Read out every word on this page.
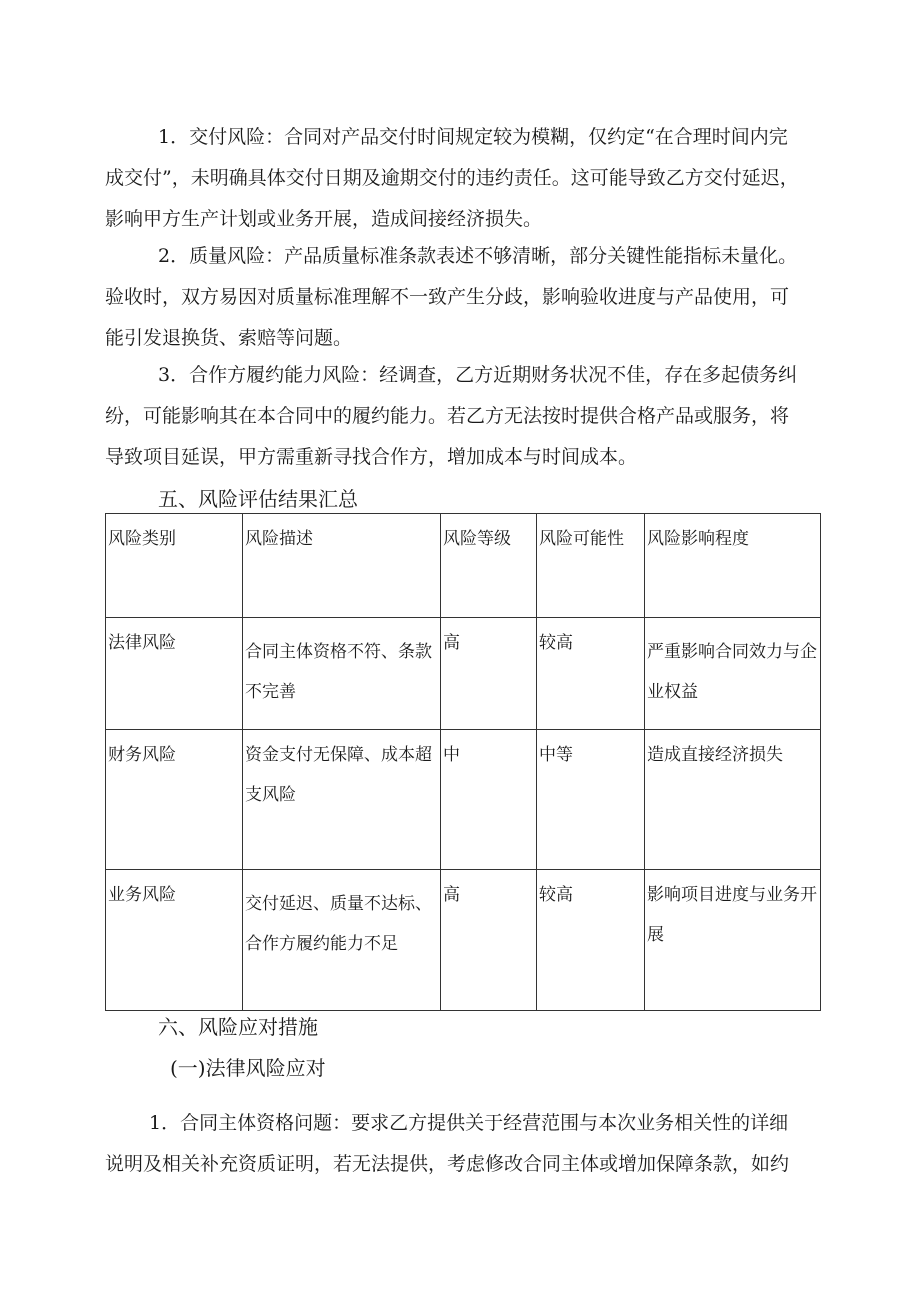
1．交付风险：合同对产品交付时间规定较为模糊，仅约定“在合理时间内完
成交付”，未明确具体交付日期及逾期交付的违约责任。这可能导致乙方交付延迟，
影响甲方生产计划或业务开展，造成间接经济损失。
2．质量风险：产品质量标准条款表述不够清晰，部分关键性能指标未量化。
验收时，双方易因对质量标准理解不一致产生分歧，影响验收进度与产品使用，可
能引发退换货、索赔等问题。
3．合作方履约能力风险：经调查，乙方近期财务状况不佳，存在多起债务纠
纷，可能影响其在本合同中的履约能力。若乙方无法按时提供合格产品或服务，将
导致项目延误，甲方需重新寻找合作方，增加成本与时间成本。
五、风险评估结果汇总
风险类别	风险描述	风险等级	风险可能性	风险影响程度

法律风险	合同主体资格不符、条款不完善	高	较高	严重影响合同效力与企业权益

财务风险	资金支付无保障、成本超支风险	中	中等	造成直接经济损失

业务风险	交付延迟、质量不达标、合作方履约能力不足	高	较高	影响项目进度与业务开展
六、风险应对措施
(一)法律风险应对
1．合同主体资格问题：要求乙方提供关于经营范围与本次业务相关性的详细
说明及相关补充资质证明，若无法提供，考虑修改合同主体或增加保障条款，如约
